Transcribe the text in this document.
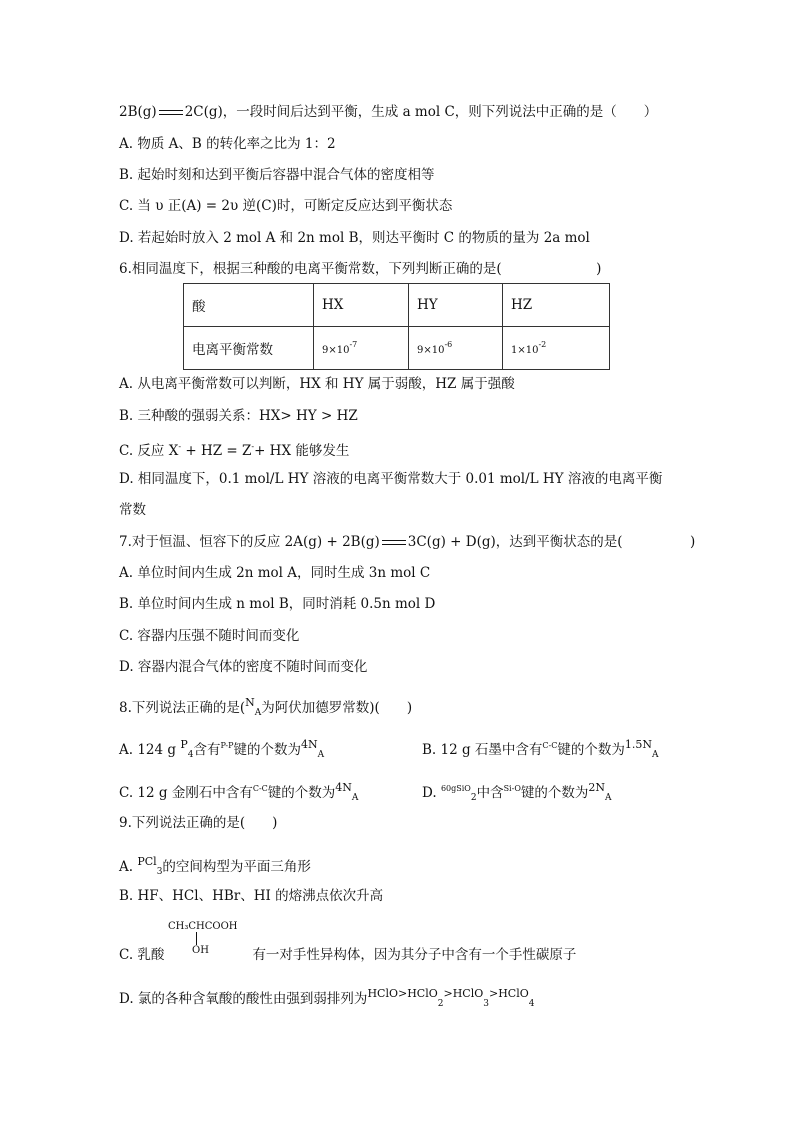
2B(g) 2C(g)，一段时间后达到平衡，生成 a mol C，则下列说法中正确的是（　　）
A. 物质 A、B 的转化率之比为 1：2
B. 起始时刻和达到平衡后容器中混合气体的密度相等
C. 当 υ 正(A) = 2υ 逆(C)时，可断定反应达到平衡状态
D. 若起始时放入 2 mol A 和 2n mol B，则达平衡时 C 的物质的量为 2a mol
6.相同温度下，根据三种酸的电离平衡常数，下列判断正确的是(　　　　　　　)
酸	HX	HY	HZ
电离平衡常数	$9\times 10^{-7}$	$9\times 10^{-6}$	$1\times 10^{-2}$
A. 从电离平衡常数可以判断，HX 和 HY 属于弱酸，HZ 属于强酸
B. 三种酸的强弱关系：HX> HY > HZ
C. 反应 X- + HZ = Z-+ HX 能够发生
D. 相同温度下，0.1 mol/L HY 溶液的电离平衡常数大于 0.01 mol/L HY 溶液的电离平衡
常数
7.对于恒温、恒容下的反应 2A(g) + 2B(g) 3C(g) + D(g)，达到平衡状态的是(　　　　　)
A. 单位时间内生成 2n mol A，同时生成 3n mol C
B. 单位时间内生成 n mol B，同时消耗 0.5n mol D
C. 容器内压强不随时间而变化
D. 容器内混合气体的密度不随时间而变化
8.下列说法正确的是($^N_A$为阿伏加德罗常数)(　　)
A. 124 g $^P_4$含有$^{P-P}$键的个数为$^{4N}_A$	B. 12 g 石墨中含有$^{C-C}$键的个数为$^{1.5N}_A$
C. 12 g 金刚石中含有$^{C-C}$键的个数为$^{4N}_A$	D. $^{60gSiO}_2$中含$^{Si-O}$键的个数为$^{2N}_A$
9.下列说法正确的是(　　)
A. $^{PCl}_3$的空间构型为平面三角形
B. HF、HCl、HBr、HI 的熔沸点依次升高
CH₃CHCOOH
OH
C. 乳酸	有一对手性异构体，因为其分子中含有一个手性碳原子
D. 氯的各种含氧酸的酸性由强到弱排列为$^{HClO>HClO}_2^{>HClO}_3^{>HClO}_4$
